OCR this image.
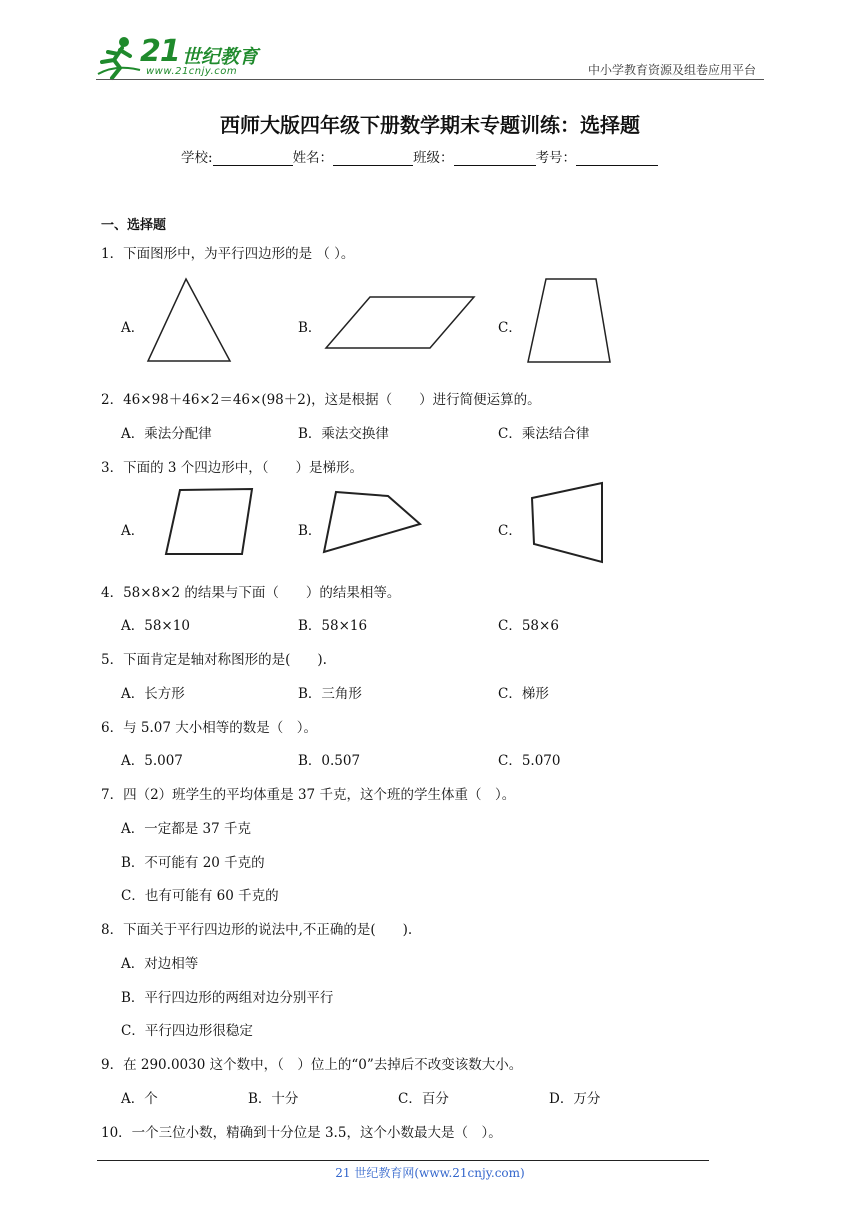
21 世纪教育
www.21cnjy.com	中小学教育资源及组卷应用平台
西师大版四年级下册数学期末专题训练：选择题
学校:	姓名：	班级：	考号：
一、选择题
1．下面图形中，为平行四边形的是 （ ）。
A．	B．	C．
2．46×98＋46×2＝46×(98＋2)，这是根据（　　）进行简便运算的。
A．乘法分配律	B．乘法交换律	C．乘法结合律
3．下面的 3 个四边形中，（　　）是梯形。
A．	B．	C．
4．58×8×2 的结果与下面（　　）的结果相等。
A．58×10	B．58×16	C．58×6
5．下面肯定是轴对称图形的是(　　).
A．长方形	B．三角形	C．梯形
6．与 5.07 大小相等的数是（　）。
A．5.007	B．0.507	C．5.070
7．四（2）班学生的平均体重是 37 千克，这个班的学生体重（　）。
A．一定都是 37 千克
B．不可能有 20 千克的
C．也有可能有 60 千克的
8．下面关于平行四边形的说法中,不正确的是(　　).
A．对边相等
B．平行四边形的两组对边分别平行
C．平行四边形很稳定
9．在 290.0030 这个数中，（　）位上的“0”去掉后不改变该数大小。
A．个	B．十分	C．百分	D．万分
10．一个三位小数，精确到十分位是 3.5，这个小数最大是（　）。
21 世纪教育网(www.21cnjy.com)
